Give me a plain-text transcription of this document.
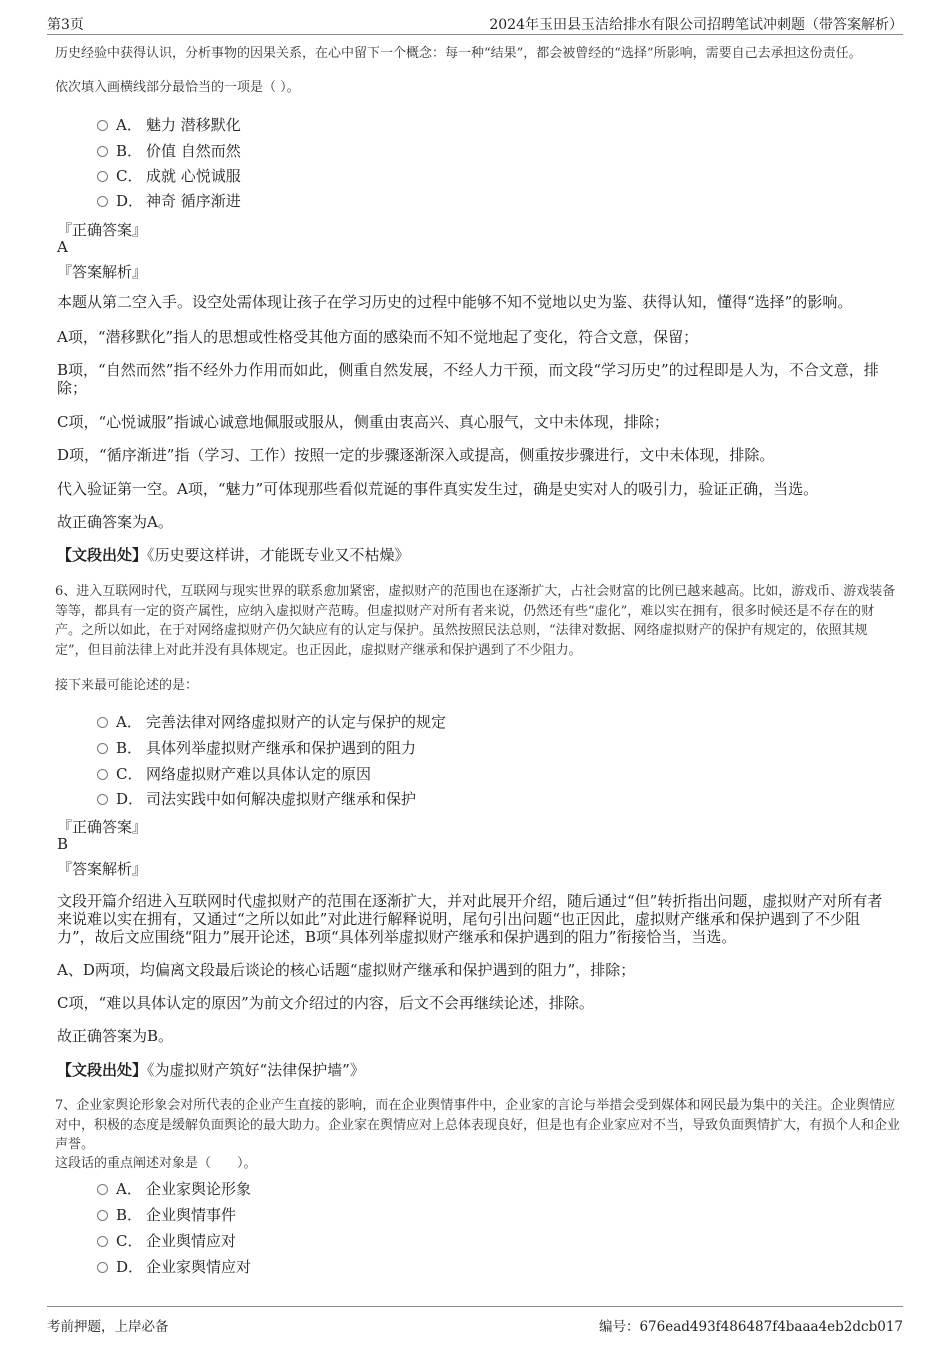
第3页	2024年玉田县玉洁给排水有限公司招聘笔试冲刺题（带答案解析）
历史经验中获得认识，分析事物的因果关系，在心中留下一个概念：每一种“结果”，都会被曾经的“选择”所影响，需要自己去承担这份责任。
依次填入画横线部分最恰当的一项是（ ）。
A． 魅力 潜移默化
B． 价值 自然而然
C． 成就 心悦诚服
D． 神奇 循序渐进
『正确答案』
A
『答案解析』
本题从第二空入手。设空处需体现让孩子在学习历史的过程中能够不知不觉地以史为鉴、获得认知，懂得“选择”的影响。
A项，“潜移默化”指人的思想或性格受其他方面的感染而不知不觉地起了变化，符合文意，保留；
B项，“自然而然”指不经外力作用而如此，侧重自然发展，不经人力干预，而文段“学习历史”的过程即是人为，不合文意，排除；
C项，“心悦诚服”指诚心诚意地佩服或服从，侧重由衷高兴、真心服气，文中未体现，排除；
D项，“循序渐进”指（学习、工作）按照一定的步骤逐渐深入或提高，侧重按步骤进行，文中未体现，排除。
代入验证第一空。A项，“魅力”可体现那些看似荒诞的事件真实发生过，确是史实对人的吸引力，验证正确，当选。
故正确答案为A。
【文段出处】《历史要这样讲，才能既专业又不枯燥》
6、进入互联网时代，互联网与现实世界的联系愈加紧密，虚拟财产的范围也在逐渐扩大，占社会财富的比例已越来越高。比如，游戏币、游戏装备等等，都具有一定的资产属性，应纳入虚拟财产范畴。但虚拟财产对所有者来说，仍然还有些“虚化”，难以实在拥有，很多时候还是不存在的财产。之所以如此，在于对网络虚拟财产仍欠缺应有的认定与保护。虽然按照民法总则，“法律对数据、网络虚拟财产的保护有规定的，依照其规定”，但目前法律上对此并没有具体规定。也正因此，虚拟财产继承和保护遇到了不少阻力。
接下来最可能论述的是：
A． 完善法律对网络虚拟财产的认定与保护的规定
B． 具体列举虚拟财产继承和保护遇到的阻力
C． 网络虚拟财产难以具体认定的原因
D． 司法实践中如何解决虚拟财产继承和保护
『正确答案』
B
『答案解析』
文段开篇介绍进入互联网时代虚拟财产的范围在逐渐扩大，并对此展开介绍，随后通过“但”转折指出问题，虚拟财产对所有者来说难以实在拥有，又通过“之所以如此”对此进行解释说明，尾句引出问题“也正因此，虚拟财产继承和保护遇到了不少阻力”，故后文应围绕“阻力”展开论述，B项“具体列举虚拟财产继承和保护遇到的阻力”衔接恰当，当选。
A、D两项，均偏离文段最后谈论的核心话题“虚拟财产继承和保护遇到的阻力”，排除；
C项，“难以具体认定的原因”为前文介绍过的内容，后文不会再继续论述，排除。
故正确答案为B。
【文段出处】《为虚拟财产筑好“法律保护墙”》
7、企业家舆论形象会对所代表的企业产生直接的影响，而在企业舆情事件中，企业家的言论与举措会受到媒体和网民最为集中的关注。企业舆情应对中，积极的态度是缓解负面舆论的最大助力。企业家在舆情应对上总体表现良好，但是也有企业家应对不当，导致负面舆情扩大，有损个人和企业声誉。
这段话的重点阐述对象是（　　）。
A． 企业家舆论形象
B． 企业舆情事件
C． 企业舆情应对
D． 企业家舆情应对
考前押题，上岸必备	编号：676ead493f486487f4baaa4eb2dcb017
